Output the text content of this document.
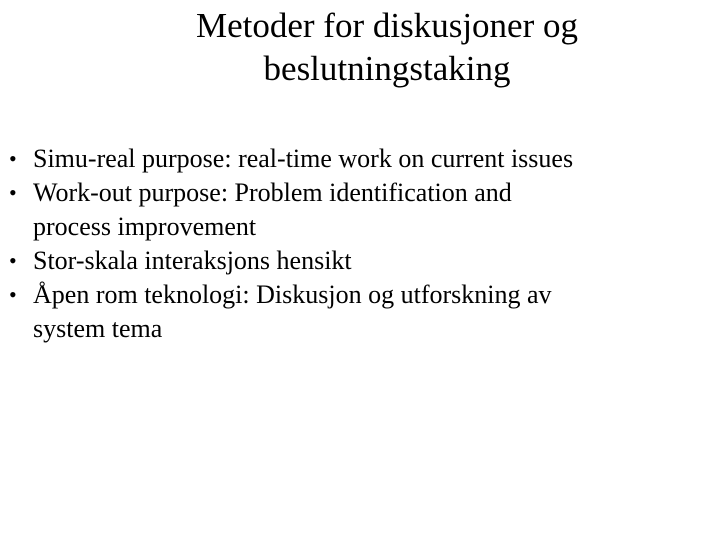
Metoder for diskusjoner og
beslutningstaking
• Simu-real purpose: real-time work on current issues
• Work-out purpose: Problem identification and
process improvement
• Stor-skala interaksjons hensikt
• Åpen rom teknologi: Diskusjon og utforskning av
system tema
